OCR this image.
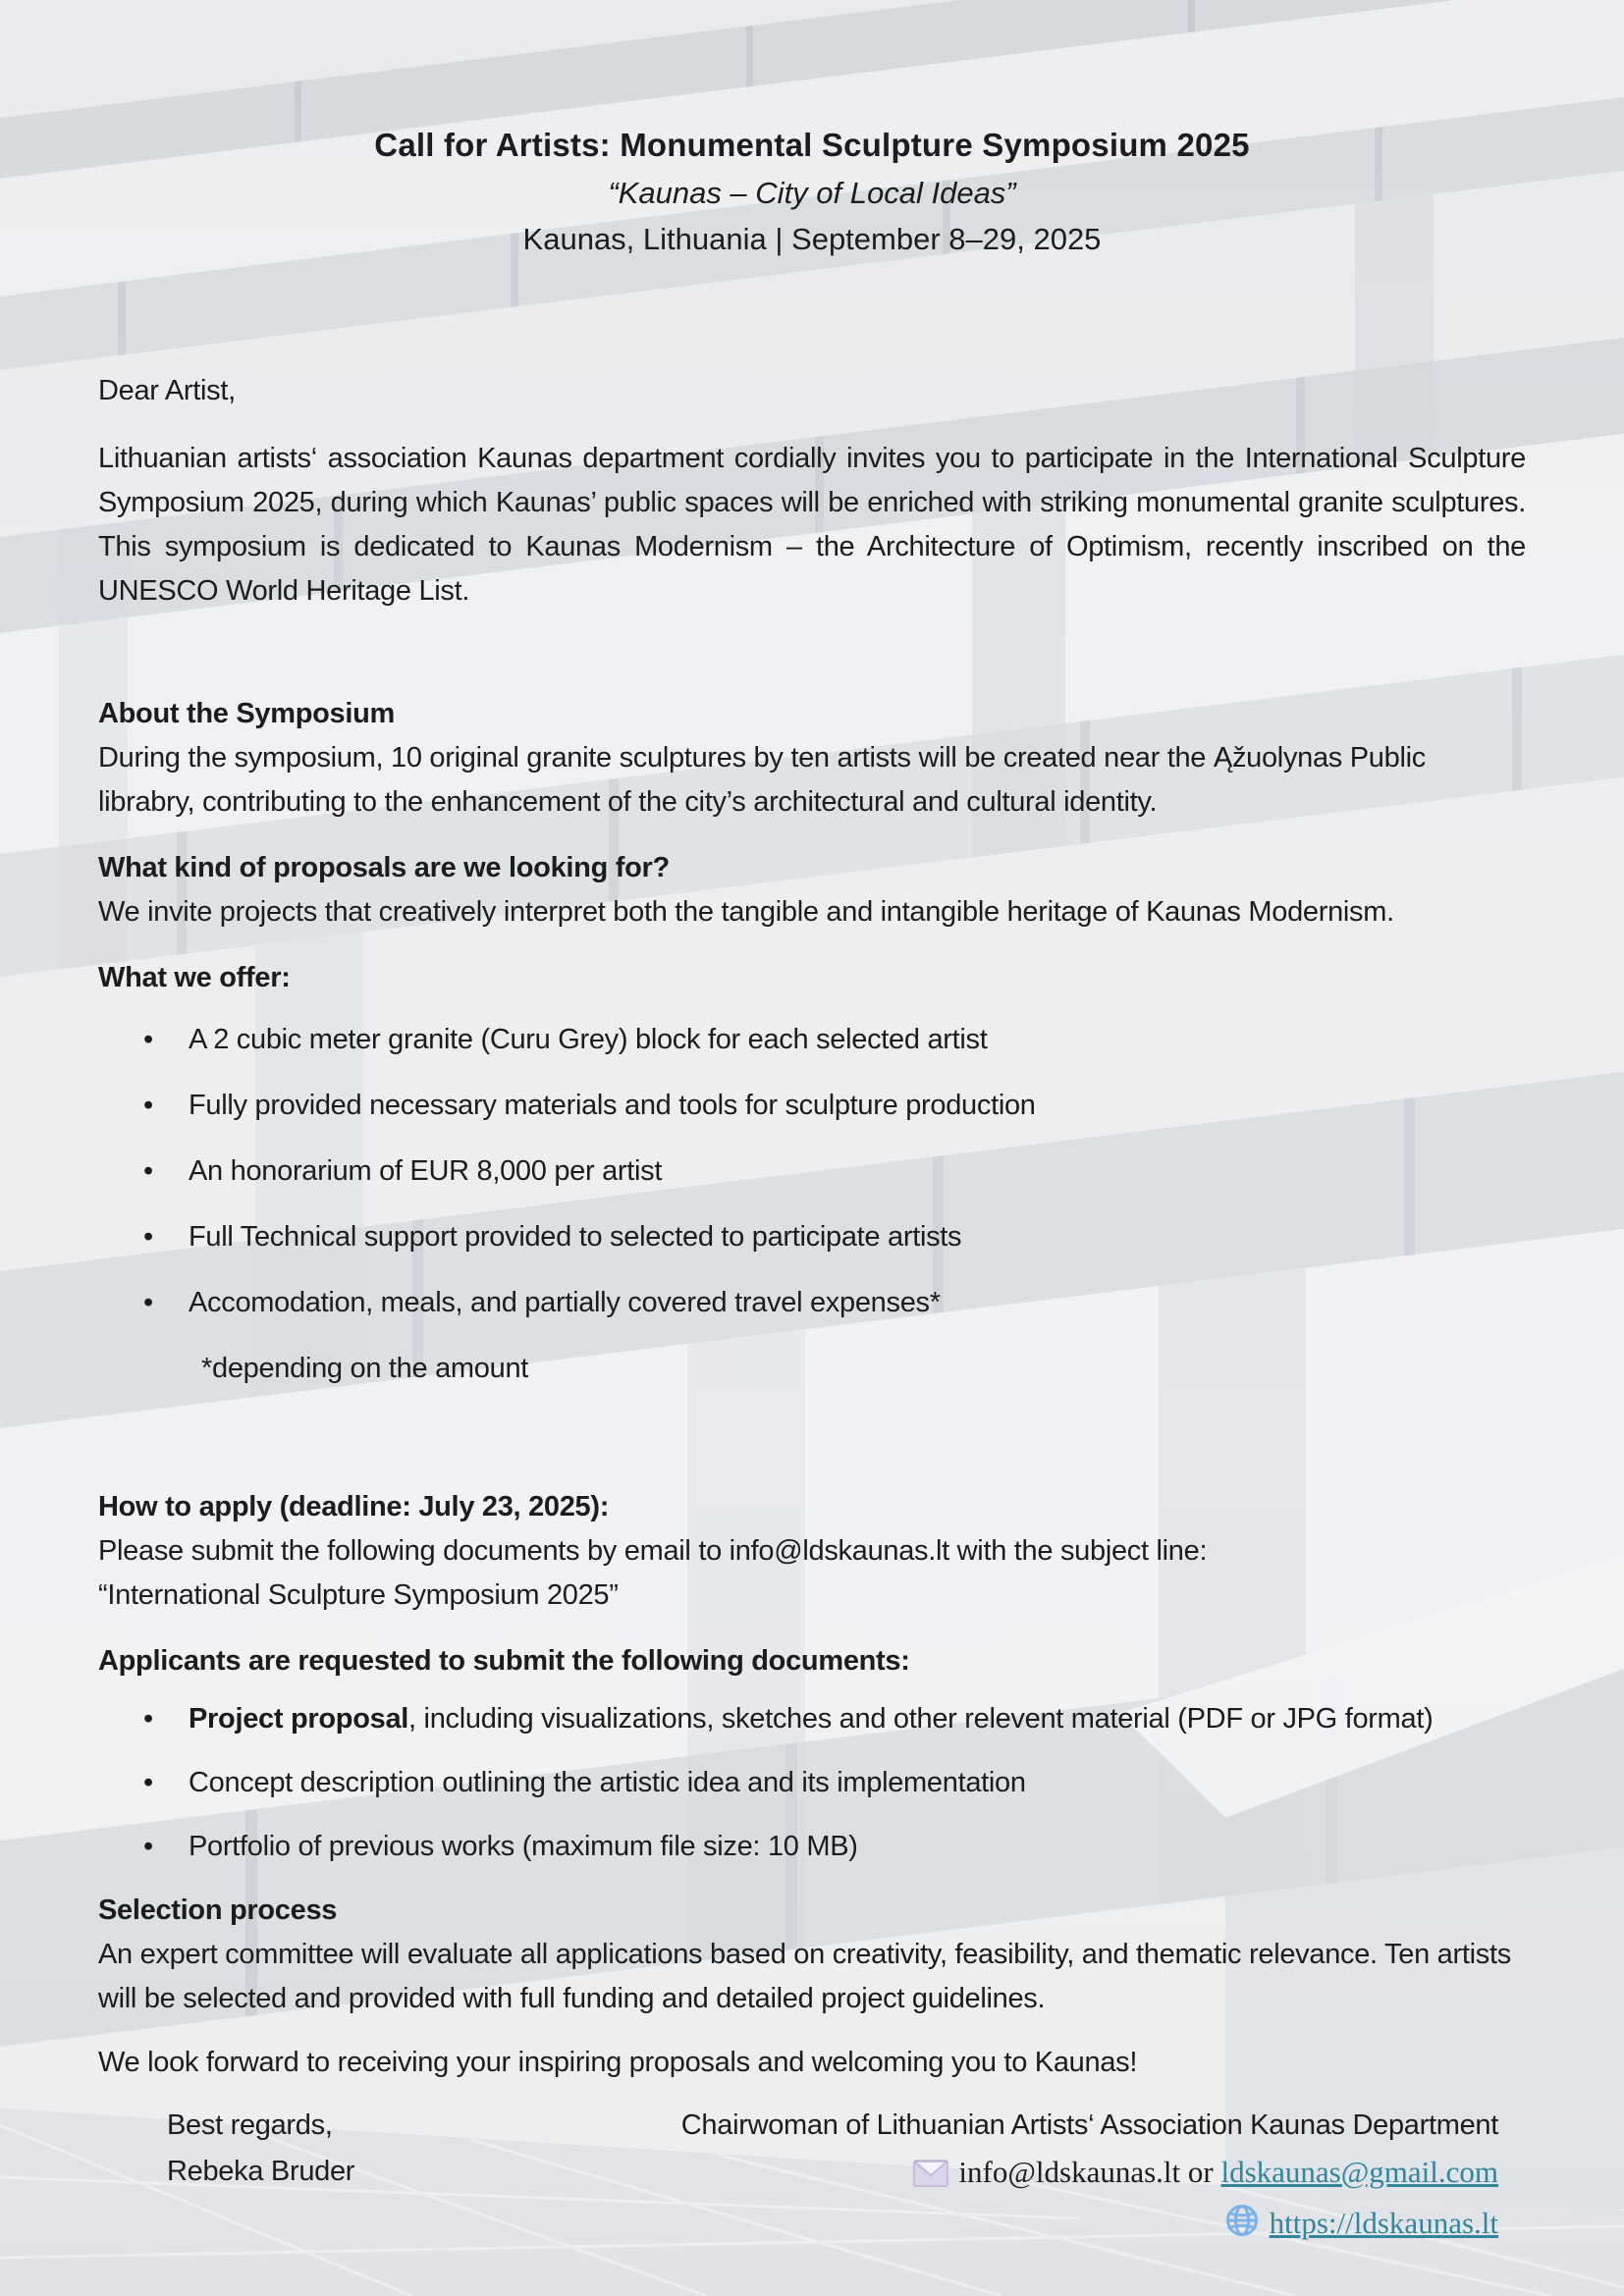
Call for Artists: Monumental Sculpture Symposium 2025
“Kaunas – City of Local Ideas”
Kaunas, Lithuania | September 8–29, 2025
Dear Artist,
Lithuanian artists‘ association Kaunas department cordially invites you to participate in the International Sculpture Symposium 2025, during which Kaunas’ public spaces will be enriched with striking monumental granite sculptures. This symposium is dedicated to Kaunas Modernism – the Architecture of Optimism, recently inscribed on the UNESCO World Heritage List.
About the Symposium
During the symposium, 10 original granite sculptures by ten artists will be created near the Ąžuolynas Public librabry, contributing to the enhancement of the city’s architectural and cultural identity.
What kind of proposals are we looking for?
We invite projects that creatively interpret both the tangible and intangible heritage of Kaunas Modernism.
What we offer:
• A 2 cubic meter granite (Curu Grey) block for each selected artist
• Fully provided necessary materials and tools for sculpture production
• An honorarium of EUR 8,000 per artist
• Full Technical support provided to selected to participate artists
• Accomodation, meals, and partially covered travel expenses*
*depending on the amount
How to apply (deadline: July 23, 2025):
Please submit the following documents by email to info@ldskaunas.lt with the subject line:
“International Sculpture Symposium 2025”
Applicants are requested to submit the following documents:
• Project proposal, including visualizations, sketches and other relevent material (PDF or JPG format)
• Concept description outlining the artistic idea and its implementation
• Portfolio of previous works (maximum file size: 10 MB)
Selection process
An expert committee will evaluate all applications based on creativity, feasibility, and thematic relevance. Ten artists will be selected and provided with full funding and detailed project guidelines.
We look forward to receiving your inspiring proposals and welcoming you to Kaunas!
Best regards,
Rebeka Bruder
Chairwoman of Lithuanian Artists‘ Association Kaunas Department
info@ldskaunas.lt or ldskaunas@gmail.com
https://ldskaunas.lt
